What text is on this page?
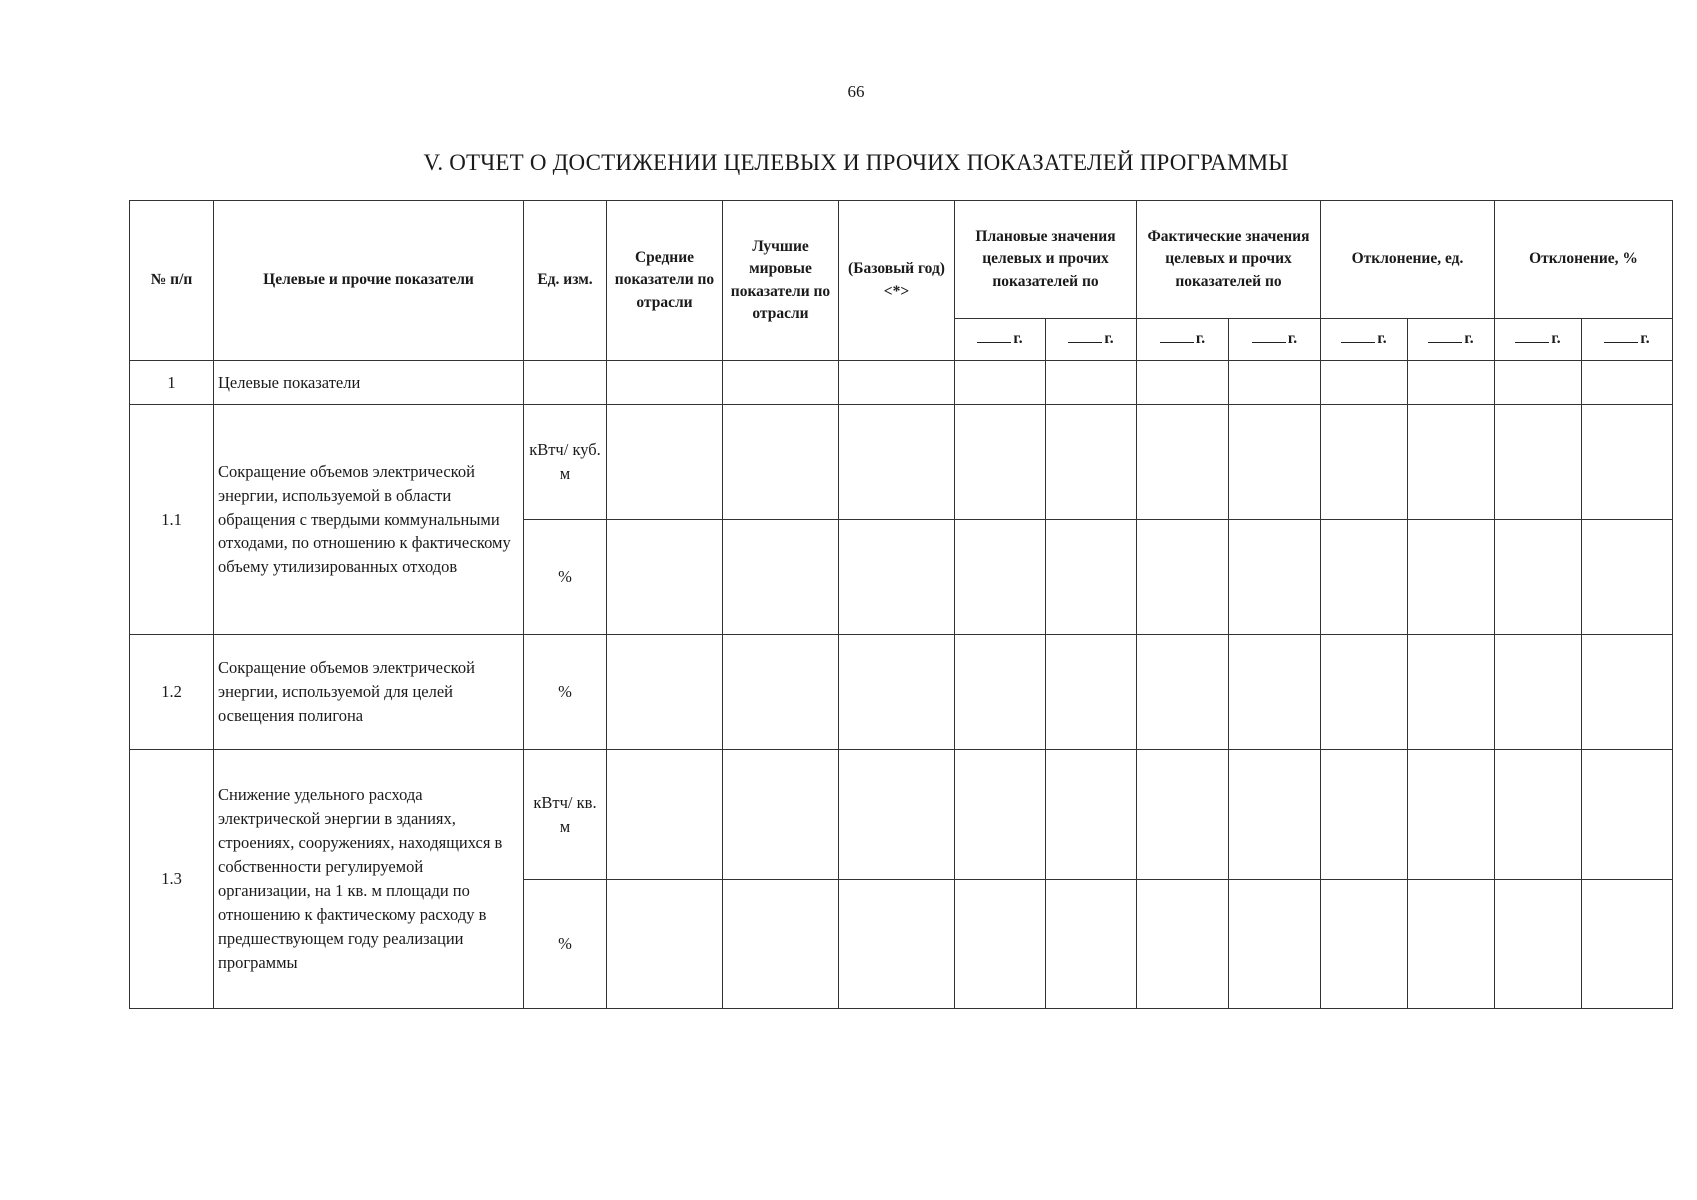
66
V. ОТЧЕТ О ДОСТИЖЕНИИ ЦЕЛЕВЫХ И ПРОЧИХ ПОКАЗАТЕЛЕЙ ПРОГРАММЫ
№ п/п	Целевые и прочие показатели	Ед. изм.	Средние показатели по отрасли	Лучшие мировые показатели по отрасли	(Базовый год) <*>	Плановые значения целевых и прочих показателей по		Фактические значения целевых и прочих показателей по		Отклонение, ед.		Отклонение, %	
						г.	г.	г.	г.	г.	г.	г.	г.
1	Целевые показатели												
1.1	Сокращение объемов электрической энергии, используемой в области обращения с твердыми коммунальными отходами, по отношению к фактическому объему утилизированных отходов	кВтч/ куб. м											
		%											
1.2	Сокращение объемов электрической энергии, используемой для целей освещения полигона	%											
1.3	Снижение удельного расхода электрической энергии в зданиях, строениях, сооружениях, находящихся в собственности регулируемой организации, на 1 кв. м площади по отношению к фактическому расходу в предшествующем году реализации программы	кВтч/ кв. м											
		%											
